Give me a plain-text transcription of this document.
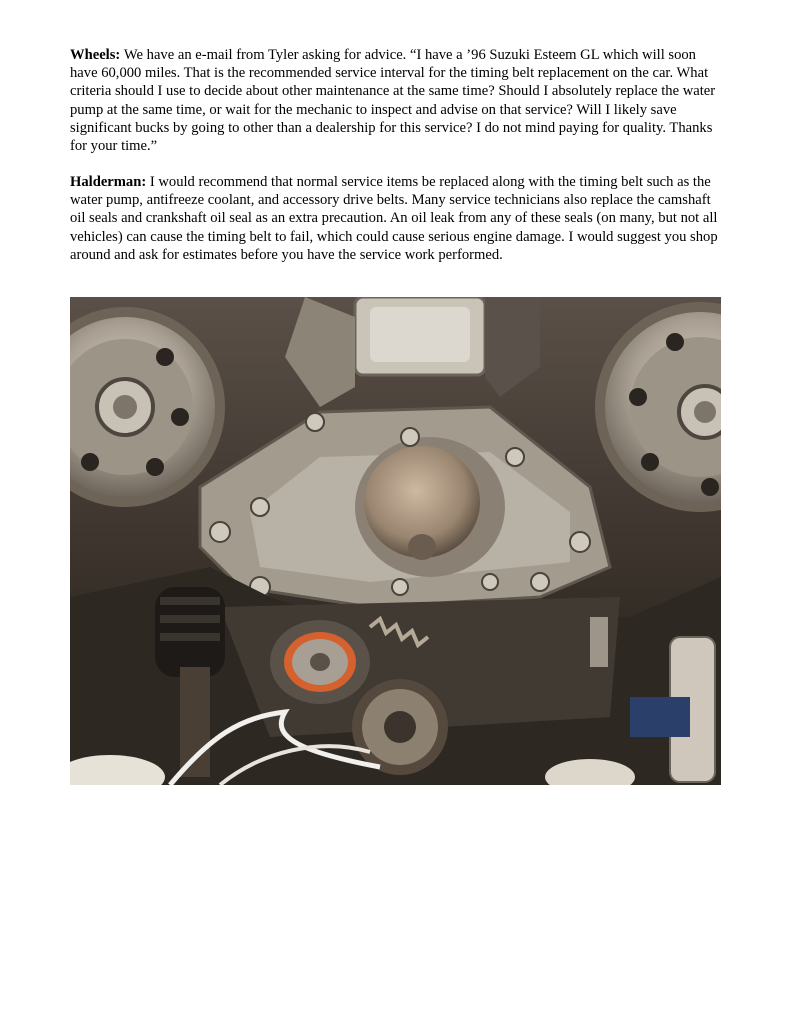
Wheels: We have an e-mail from Tyler asking for advice. “I have a ’96 Suzuki Esteem GL which will soon have 60,000 miles. That is the recommended service interval for the timing belt replacement on the car. What criteria should I use to decide about other maintenance at the same time? Should I absolutely replace the water pump at the same time, or wait for the mechanic to inspect and advise on that service? Will I likely save significant bucks by going to other than a dealership for this service? I do not mind paying for quality. Thanks for your time.”

Halderman: I would recommend that normal service items be replaced along with the timing belt such as the water pump, antifreeze coolant, and accessory drive belts. Many service technicians also replace the camshaft oil seals and crankshaft oil seal as an extra precaution. An oil leak from any of these seals (on many, but not all vehicles) can cause the timing belt to fail, which could cause serious engine damage. I would suggest you shop around and ask for estimates before you have the service work performed.
